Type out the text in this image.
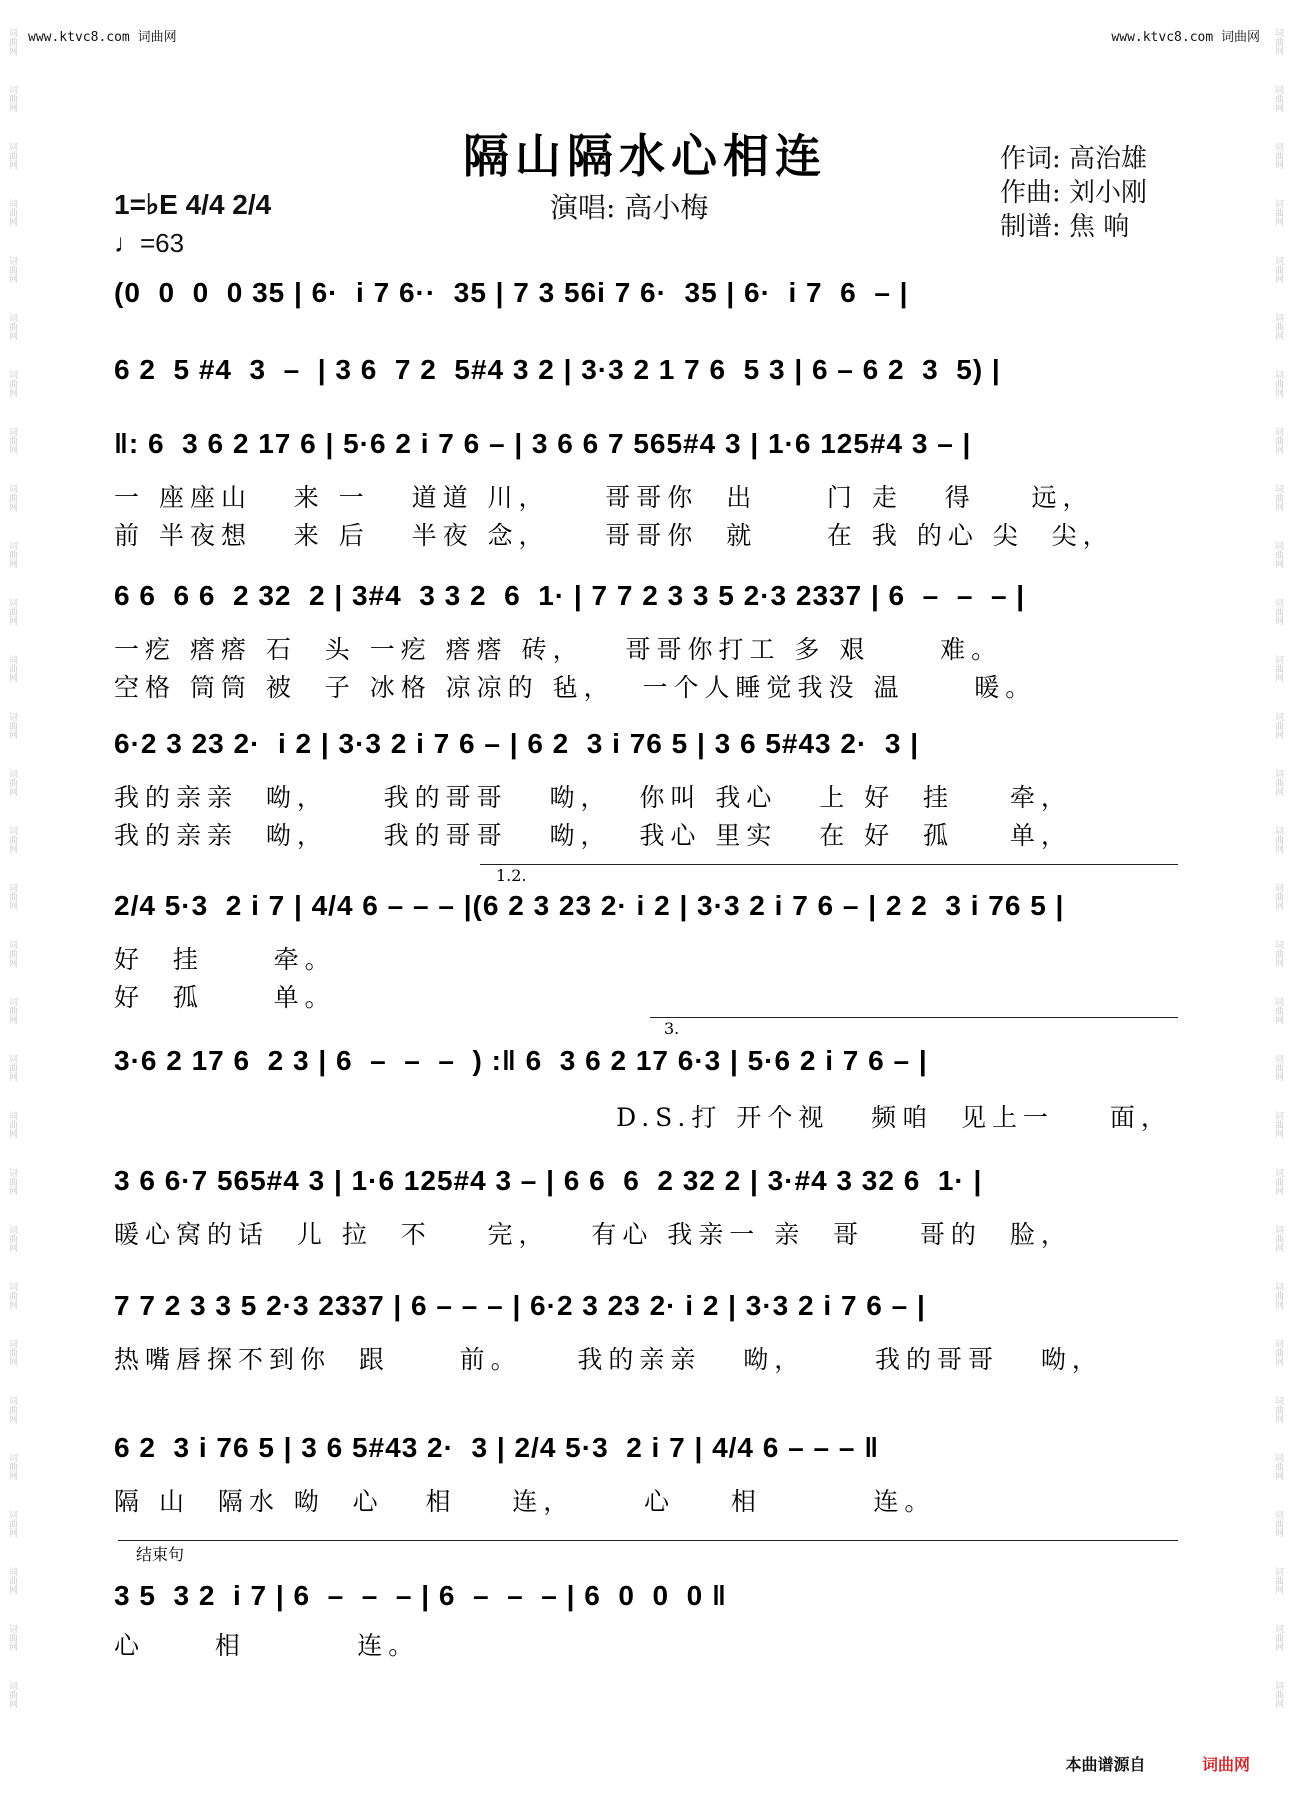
词曲网
词曲网
词曲网
词曲网
词曲网
词曲网
词曲网
词曲网
词曲网
词曲网
词曲网
词曲网
词曲网
词曲网
词曲网
词曲网
词曲网
词曲网
词曲网
词曲网
词曲网
词曲网
词曲网
词曲网
词曲网
词曲网
词曲网
词曲网
词曲网
词曲网
词曲网
词曲网
词曲网
词曲网
词曲网
词曲网
词曲网
词曲网
词曲网
词曲网
词曲网
词曲网
词曲网
词曲网
词曲网
词曲网
词曲网
词曲网
词曲网
词曲网
词曲网
词曲网
词曲网
词曲网
词曲网
词曲网
词曲网
词曲网
词曲网
词曲网
www.ktvc8.com 词曲网	www.ktvc8.com 词曲网
隔山隔水心相连
1=♭E 4/4 2/4
♩=63
演唱: 高小梅
作词: 高治雄
作曲: 刘小刚
制谱: 焦 响
(0  0  0  0 35 | 6·  i 7 6··  35 | 7 3 56i 7 6·  35 | 6·  i 7  6  – |
6 2  5 #4  3  –  | 3 6  7 2  5#4 3 2 | 3·3 2 1 7 6  5 3 | 6 – 6 2  3  5) |
‖: 6  3 6 2 17 6 | 5·6 2 i 7 6 – | 3 6 6 7 565#4 3 | 1·6 125#4 3 – |
一 座座山   来 一   道道 川，    哥哥你  出     门 走   得    远，
前 半夜想   来 后   半夜 念，    哥哥你  就     在 我 的心 尖  尖，
6 6  6 6  2 32  2 | 3#4  3 3 2  6  1· | 7 7 2 3 3 5 2·3 2337 | 6  –  –  – |
一疙 瘩瘩 石  头 一疙 瘩瘩 砖，   哥哥你打工 多 艰     难。
空格 筒筒 被  子 冰格 凉凉的 毡，  一个人睡觉我没 温     暖。
6·2 3 23 2·  i 2 | 3·3 2 i 7 6 – | 6 2  3 i 76 5 | 3 6 5#43 2·  3 |
我的亲亲  呦，    我的哥哥   呦，  你叫 我心   上 好  挂    牵，
我的亲亲  呦，    我的哥哥   呦，  我心 里实   在 好  孤    单，
2/4 5·3  2 i 7 | 4/4 6 – – – |(6 2 3 23 2· i 2 | 3·3 2 i 7 6 – | 2 2  3 i 76 5 |
好  挂     牵。
好  孤     单。
1.2.
3·6 2 17 6  2 3 | 6  –  –  –  ) :‖ 6  3 6 2 17 6·3 | 5·6 2 i 7 6 – |
D.S.打 开个视   频咱  见上一    面，
3.
3 6 6·7 565#4 3 | 1·6 125#4 3 – | 6 6  6  2 32 2 | 3·#4 3 32 6  1· |
暖心窝的话  儿 拉  不    完，   有心 我亲一 亲  哥    哥的  脸，
7 7 2 3 3 5 2·3 2337 | 6 – – – | 6·2 3 23 2· i 2 | 3·3 2 i 7 6 – |
热嘴唇探不到你  跟     前。    我的亲亲   呦，     我的哥哥   呦，
6 2  3 i 76 5 | 3 6 5#43 2·  3 | 2/4 5·3  2 i 7 | 4/4 6 – – – ‖
隔 山  隔水 呦  心   相    连，     心    相        连。
3 5  3 2  i 7 | 6  –  –  – | 6  –  –  – | 6  0  0  0 ‖
心     相        连。
结束句
本曲谱源自	词曲网
